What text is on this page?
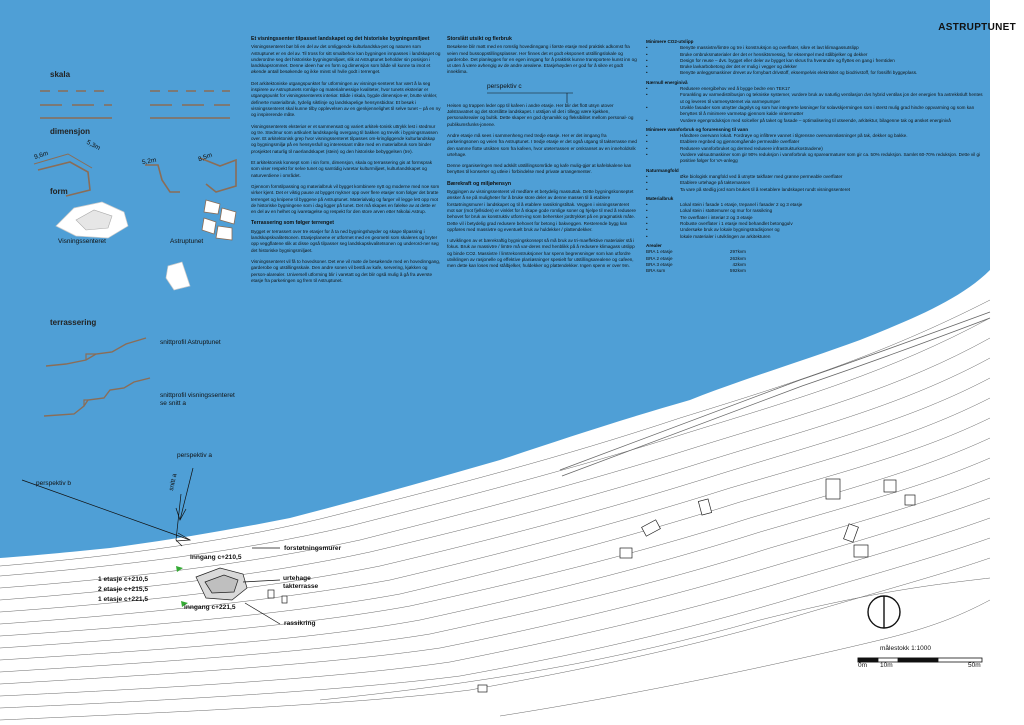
ASTRUPTUNET
skala
dimensjon
9,6m
5,3m
5,2m	8,5m
form
Visningssenteret	Astruptunet
terrassering
snittprofil Astruptunet
snittprofil visningssenteret
se snitt a
Et visningssenter tilpasset landskapet og det historiske bygningsmiljøet

Visningssenteret bør bli en del av det omliggende kulturlandska-pet og naturen som Astruptunet er en del av. Til tross for sitt smalbehov kan bygningen innpasses i landskapet og underordne seg det historiske bygningsmiljøet, slik at Astruptunet beholder sin posisjon i landskapsrommet. Denne ideen har en form og dimensjon som både vil kunne ta imot et økende antall besøkende og ikke minst vil hvile godt i terrenget.

Det arkitektoniske utgangspunktet for utformingen av visnings-senteret har vært å la seg inspirere av Astruptunets romlige og materialmessige kvaliteter, hvor tunets eksteriør er utgangspunkt for visningssenterets interiør. Både i skala, bygde dimensjon-er, brutte vinkler, definerte materialbruk, tydelig siktlinje og landskapelige hensynsbidrar. Et besøk i visningssenteret skal kunne tilby opplevelsen av en gjenkjennelighet til selve tunet – på en ny og inspirerende måte.

Visningssenterets eksteriør er et sammensatt og variert arkitek-tonisk uttrykk lest i stedmur og tre. Stedmur som artikulert landskapelig overgang til bakken og trevirk i bygningsmassen over. Et arkitektonisk grep hvor visningssenteret tilpasses om-kringliggende kulturlandskap og bygningsmiljø på en hensynsfull og interessant måte med en materialbruk som binder prosjektet naturlig til naerlandskapet (stein) og den historiske bebyggelsen (tre).

Et arkitektonisk konsept som i sin form, dimensjon, skala og terrassering gis at formsprak som viser respekt for selve tunet og samtidig ivaretar kulturmiljøet, kulturlandskapet og naturverdiene i området.

Gjennom formtilpassing og materialbruk vil bygget kombinere nytt og moderne med noe som virker kjent. Det er viktig pause at bygget mykner opp over flere etasjer som følger det bratte terrenget og knipene til byggene på Astruptunet. Materialvalg og farger vil legge lett opp mot de historiske bygningene som i dag ligger på tunet. Det må skapes en følelse av at dette er en del av en helhet og ivaretagelse og respekt for den store arven etter Nikolai Astrup.

Terrassering som følger terrenget

Bygget er terrassert over tre etasjer for å ta ned bygningshøyder og skape tilpasning i landskapskvalitetsonen. Etasjeplanene er utformet med en geometri som skaleres og bryter opp veggflatene slik at disse også tilpasser seg landskapskvalitetsonen og underord-ner seg det historiske bygningsmiljøet.

Visningssenteret vil få to hovedsoner. Det ene vil møte de besøkende med en hovedinngang, garderobe og utstillingsskale. Den andre sonen vil bestå av kafe, servering, kjøkken og person-alarealer. Universell utforming blir i varetatt og det blir også mulig å gå fra øverste etasje fra parkeringen og frem til Astruptunet.

Storslått utsikt og flerbruk

Besøkene blir møtt med en romslig hovedinngang i første etasje med praktisk adkomst fra veien med bussoppstillingsplasser. Her finnes det et godt eksponert utstillingslokale og garderobe. Det planlegges for en egen inngang for å praktisk kunne transportere kunst inn og ut uten å være avhengig av de andre arealene. Etasjehøyden er god for å sikre et godt inneklima.

perspektiv c

Heisen og trappen leder opp til kafeen i andre etasje. Her blir det flott utsyn utover Jølstravatnet og det storslåtte landskapet. I utstijøn vil det i tillegg være kjøkken, personalsrealer og bultik. Dette skaper en god dynamikk og fleksibilitet mellom personal- og publikumsfunks-jonene.

Andre etasje må sees i sammenheng med tredje etasje. Her er det inngang fra parkeringsonen og veien fra Astruptunet. I tredje etasje er det også utgang til takterrasse med den samme flotte utsikten som fra kafeen, hvor uteterrassen er omkranset av en inneholdsrik urtehage.

Denne organiseringen med adskilt utstillingsområde og kafe mulig-gjør at kafelokalene kan benyttes til konserter og utleie i forbindelse med private arrangementer.

Bærekraft og miljøhensyn

Byggingen av visningssenteret vil medføre et betydelig massuttak. Dette bygningskonseptet ønsker å se på muligheter for å bruke store deler av denne massen til å etablere forstøtningsmurer i landskapet og til å etablere rassikringstiltak. Veggen i visningssenteret mot sør (mot fjellsiden) er vinklet for å skape gode romlige soner og hjelpe til med å redusere behovet for bruk av konstruktiv utform-ing som behersker jordtrykket på en pragmatisk måte. Dette vil i betydelig grad redusere behovet for betong i bakveggen. Resterende bygg kan oppføres med massivtre og eventuelt bruk av huldekker / plattendekker.

I utviklingen av et bærekraftig bygningskonsept så må bruk av tri-maeffektive materialer stå i fokus. Bruk av massivtre / limtre må var-deres med henblikk på å redusere klimagass utslipp og binde CO2. Massivtre / limtrekonstruksjoner har spenn begrensninger som kan utfordre utviklingen av rasjonelle og effektive planløsninger spesielt for utstillingsarealene og cafeen, men dette kan loses med stålbjelker, huldekker og plattendekker. Ingen spenn er over 9m.

Minimere CO2-utslipp
• Benytte massivtre/limtre og tre i konstruksjon og overflater, sikre et lavt klimagassutslipp
• Bruke ombruksmaterialer der det er hensiktsmessig, for eksempel med stålbjelker og dekker
• Design for reuse – dvs. bygget eller deler av bygget kan skrus fra hverandre og flyttes en gang i fremtiden
• Bruke lavkarbobetong der det er mulig i vegger og dekker
• Benytte anleggsmaskiner drevet av fornybart drivstoff, eksempelvis elektrisitet og biodrivstoff, for fossilfri byggeplass.
Nærnull energinivå
• Redusere energibehov ved å bygge bedre enn TEK17
• Forankling av varmedistribusjon og tekniske systemer, vurdere bruk av naturlig ventilasjon dvs hybrid ventilas jon der energien fra avtrekksluft hentes ut og leveres til varmesystemet via varmepumper
• Utvikle fasader som utnytter dagslys og som har integrerte løsninger for solavskjermingen som i sterst mulig grad hindre oppvarming og som kan benyttes til å minimere varmetap gjennom kalde vintermøtter
• Vurdere egenproduksjon med solceller på taket og fasade – optimalisering til utseende, arkitektur, bilagenne tak og ønsket energinivå
Minimere vannforbruk og forurensning til vann
• Håndtere overvann lokalt. Fordrøye og infiltrere vannet i tilgrensne overvannsløsninger på tak, dekker og bakke.
• Etablere regnbed og gjennomgående permeable overflater
• Redusere vannforbruket og dermed redusere infrastrukturkostnadene)
• Vurdere valsuutmaskiner som gir 90% reduksjon i vannforbruk og sparearmaturer som gir ca. 50% reduksjon. Samlet 60-70% reduksjon. Dette vil gi positive følger for VA-anlegg
Naturmangfold
• Øke biologisk mangfold ved å utnytte takflater med grønne permeable overflater
• Etablere urtehage på taktemassen
• Ta vare på stedlig jord som brukes til å reetablere landskapet rundt visningssenteret
Materialbruk
• Lokal stein i fasade 1 etasje, trepanel i fasader 2 og 3 etasje
• Lokal stein i støttemurer og mur for rassikring
• Tre overflater i interiør 2 og 3 etasje
• Robuste overflater i 1 etasje med behandlet betonggulv
• Undersøke bruk av lokale bygningstradisjoner og
• lokale materialer i utviklingen av arkitekturen
Arealer
BRA 1 etasje	297kvm
BRA 2 etasje	263kvm
BRA 3 etasje	42kvm
BRA sum	592kvm
perspektiv a
perspektiv b	snitt a
inngang c+210,5
1 etasje c+210,5
2 etasje c+215,5
1 etasje c+221,5
inngang c+221,5
forstøtningsmurer
urtehage
takterrasse
rassikring
målestokk 1:1000
0m 10m	50m
